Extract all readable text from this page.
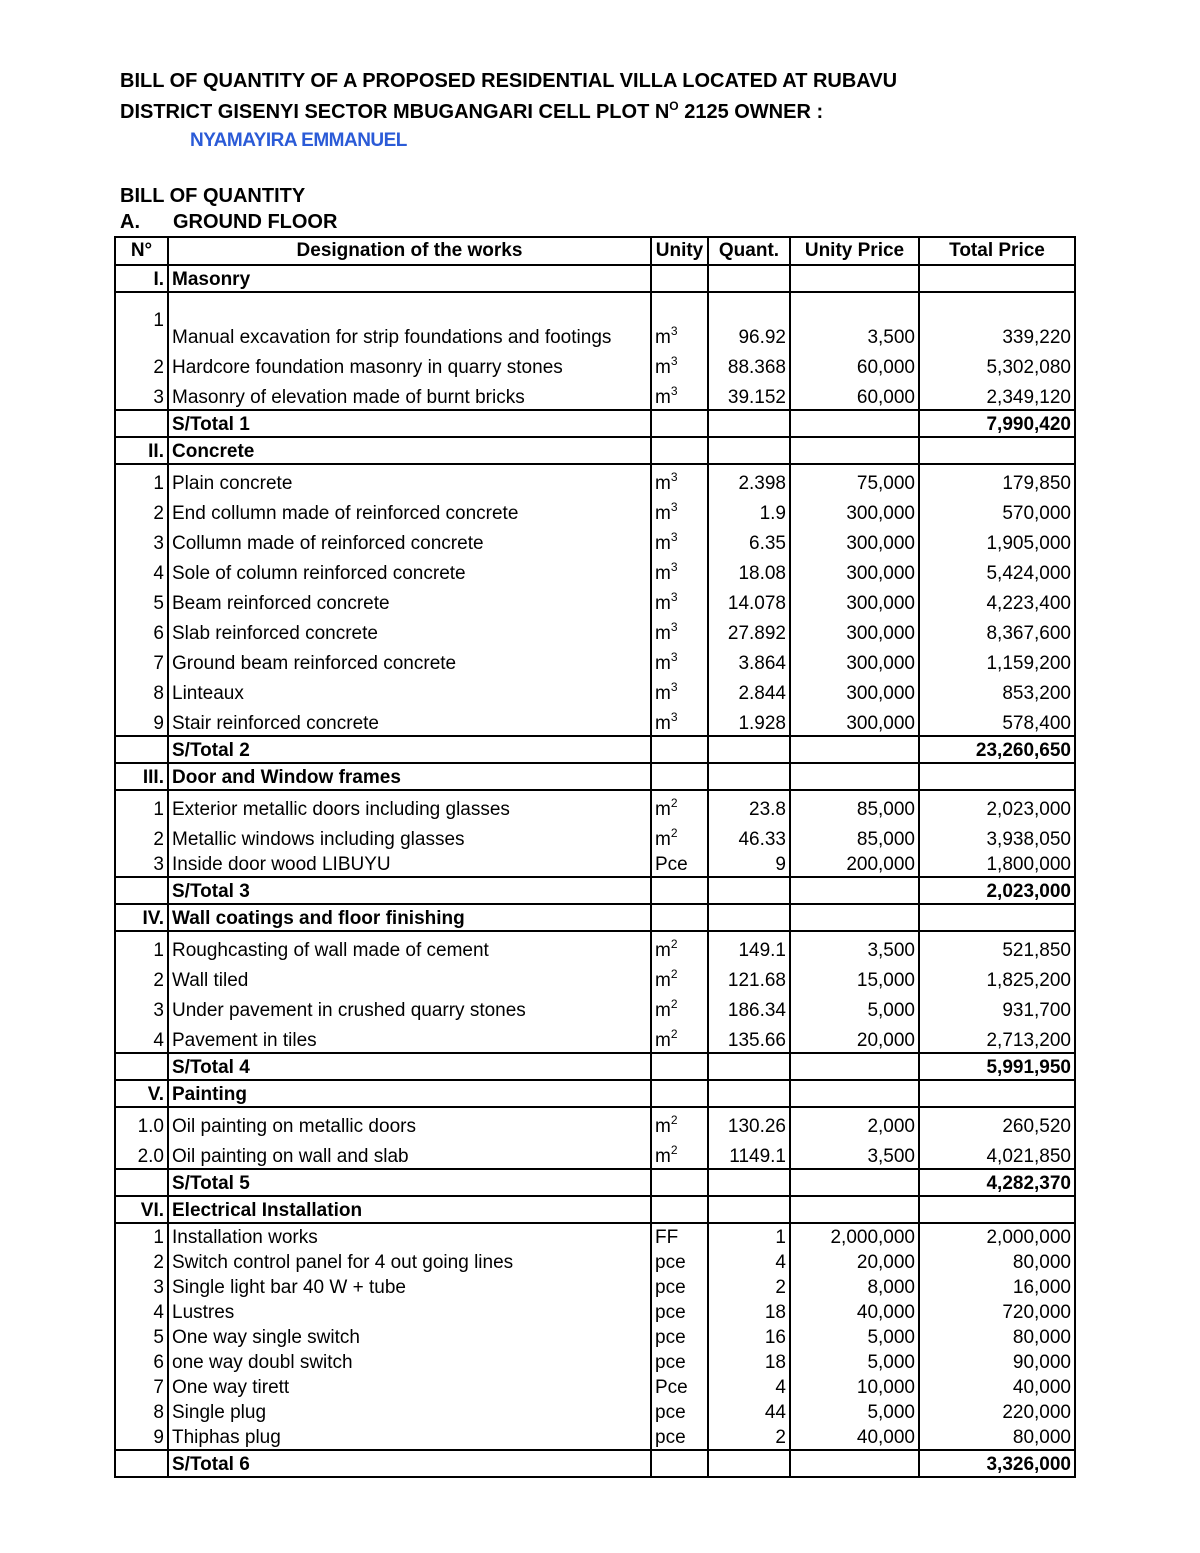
BILL OF QUANTITY OF A PROPOSED RESIDENTIAL VILLA LOCATED AT RUBAVU
DISTRICT GISENYI SECTOR MBUGANGARI CELL PLOT $N^O$ 2125 OWNER :
NYAMAYIRA EMMANUEL
BILL OF QUANTITY
A. GROUND FLOOR
N°	Designation of the works	Unity	Quant.	Unity Price	Total Price
I.	Masonry				
1	Manual excavation for strip foundations and footings	$m^3$	96.92	3,500	339,220
2	Hardcore foundation masonry in quarry stones	$m^3$	88.368	60,000	5,302,080
3	Masonry of elevation made of burnt bricks	$m^3$	39.152	60,000	2,349,120
	S/Total 1				7,990,420
II.	Concrete				
1	Plain concrete	$m^3$	2.398	75,000	179,850
2	End collumn made of reinforced concrete	$m^3$	1.9	300,000	570,000
3	Collumn made of reinforced concrete	$m^3$	6.35	300,000	1,905,000
4	Sole of column reinforced concrete	$m^3$	18.08	300,000	5,424,000
5	Beam reinforced concrete	$m^3$	14.078	300,000	4,223,400
6	Slab reinforced concrete	$m^3$	27.892	300,000	8,367,600
7	Ground beam reinforced concrete	$m^3$	3.864	300,000	1,159,200
8	Linteaux	$m^3$	2.844	300,000	853,200
9	Stair reinforced concrete	$m^3$	1.928	300,000	578,400
	S/Total 2				23,260,650
III.	Door and Window frames				
1	Exterior metallic doors including glasses	$m^2$	23.8	85,000	2,023,000
2	Metallic windows including glasses	$m^2$	46.33	85,000	3,938,050
3	Inside door wood LIBUYU	Pce	9	200,000	1,800,000
	S/Total 3				2,023,000
IV.	Wall coatings and floor finishing				
1	Roughcasting of wall made of cement	$m^2$	149.1	3,500	521,850
2	Wall tiled	$m^2$	121.68	15,000	1,825,200
3	Under pavement in crushed quarry stones	$m^2$	186.34	5,000	931,700
4	Pavement in tiles	$m^2$	135.66	20,000	2,713,200
	S/Total 4				5,991,950
V.	Painting				
1.0	Oil painting on metallic doors	$m^2$	130.26	2,000	260,520
2.0	Oil painting on wall and slab	$m^2$	1149.1	3,500	4,021,850
	S/Total 5				4,282,370
VI.	Electrical Installation				
1	Installation works	FF	1	2,000,000	2,000,000
2	Switch control panel for 4 out going lines	pce	4	20,000	80,000
3	Single light bar 40 W + tube	pce	2	8,000	16,000
4	Lustres	pce	18	40,000	720,000
5	One way single switch	pce	16	5,000	80,000
6	one way doubl switch	pce	18	5,000	90,000
7	One way tirett	Pce	4	10,000	40,000
8	Single plug	pce	44	5,000	220,000
9	Thiphas plug	pce	2	40,000	80,000
	S/Total 6				3,326,000
